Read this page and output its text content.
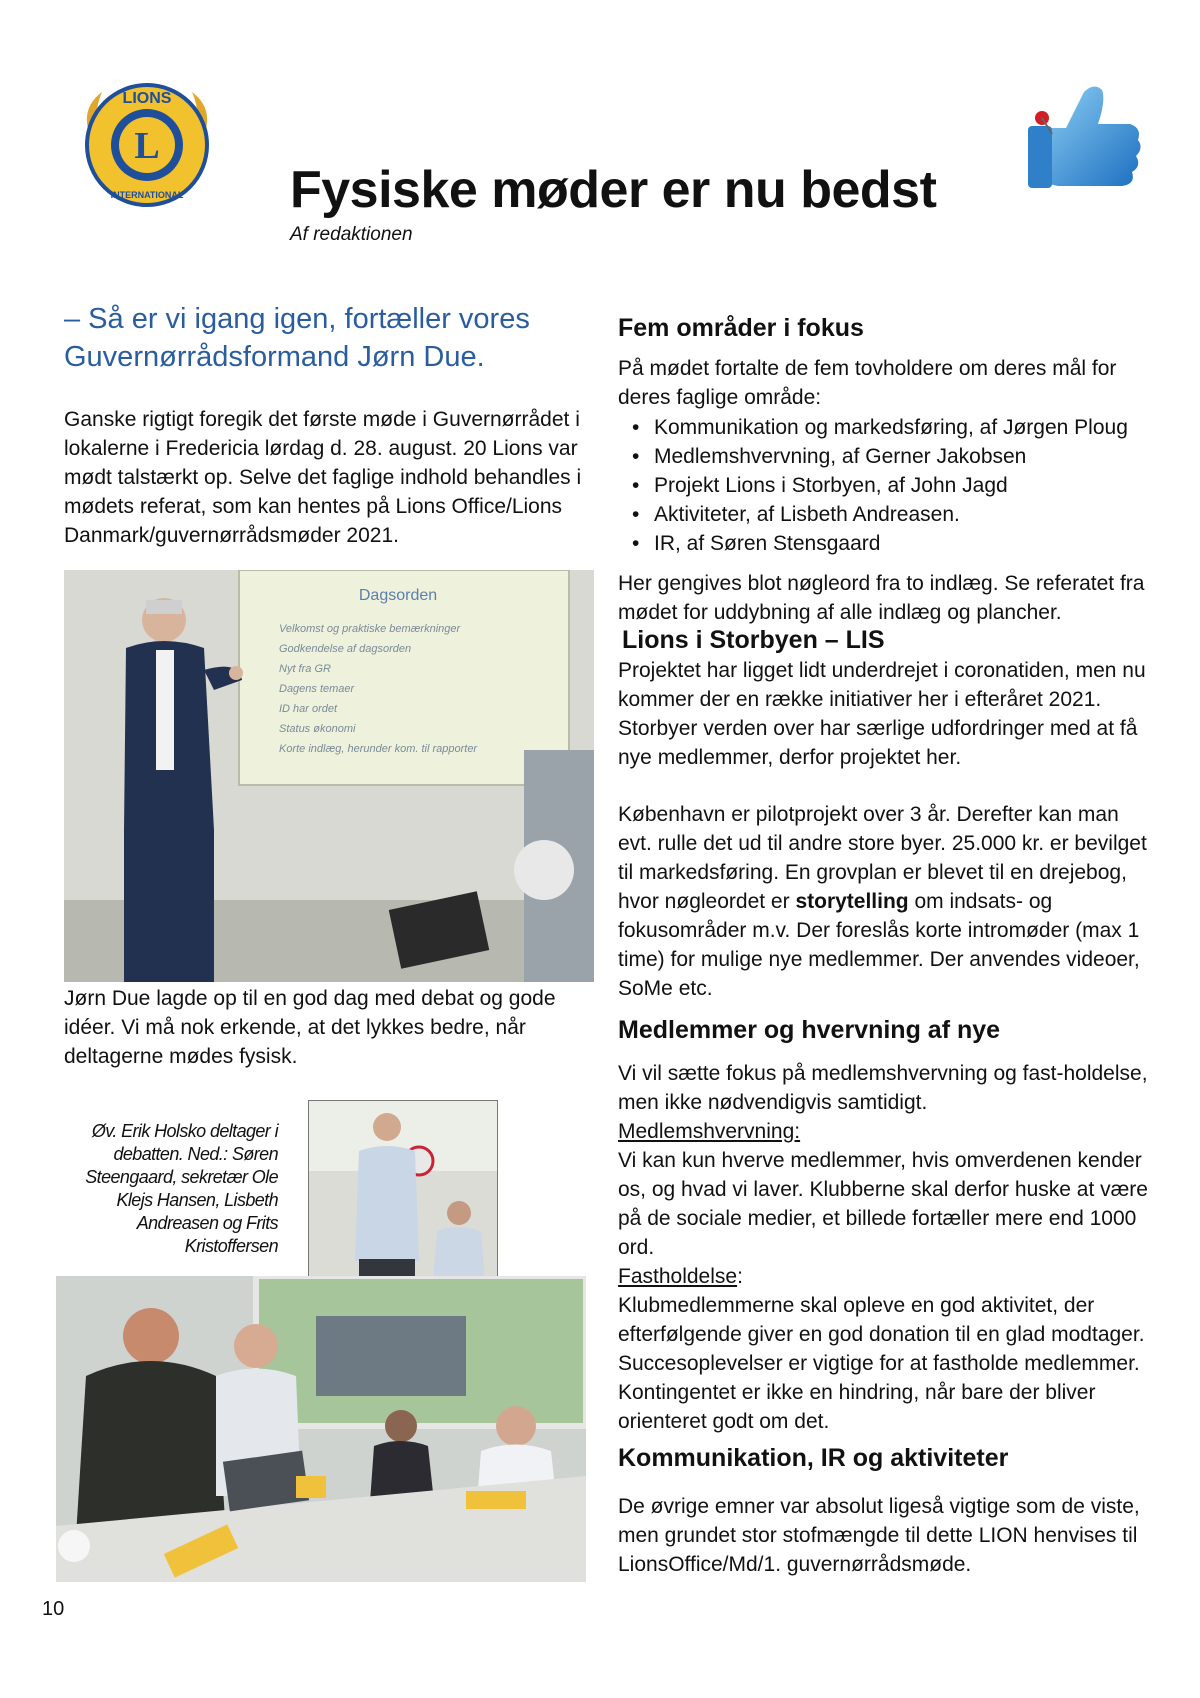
L
LIONS
INTERNATIONAL Fysiske møder er nu bedst
Af redaktionen
– Så er vi igang igen, fortæller vores Guvernørrådsformand Jørn Due.
Ganske rigtigt foregik det første møde i Guvernørrådet i lokalerne i Fredericia lørdag d. 28. august. 20 Lions var mødt talstærkt op. Selve det faglige indhold behandles i mødets referat, som kan hentes på Lions Office/Lions Danmark/guvernørrådsmøder 2021.
Dagsorden
Velkomst og praktiske bemærkninger
Godkendelse af dagsorden
Nyt fra GR
Dagens temaer
ID har ordet
Status økonomi
Korte indlæg, herunder kom. til rapporter
Jørn Due lagde op til en god dag med debat og gode idéer. Vi må nok erkende, at det lykkes bedre, når deltagerne mødes fysisk.
Øv. Erik Holsko deltager i debatten. Ned.: Søren Steengaard, sekretær Ole Klejs Hansen, Lisbeth Andreasen og Frits Kristoffersen
10
Fem områder i fokus
På mødet fortalte de fem tovholdere om deres mål for deres faglige område:
• Kommunikation og markedsføring, af Jørgen Ploug
• Medlemshvervning, af Gerner Jakobsen
• Projekt Lions i Storbyen, af John Jagd
• Aktiviteter, af Lisbeth Andreasen.
• IR, af Søren Stensgaard
Her gengives blot nøgleord fra to indlæg. Se referatet fra mødet for uddybning af alle indlæg og plancher.
Lions i Storbyen – LIS
Projektet har ligget lidt underdrejet i coronatiden, men nu kommer der en række initiativer her i efteråret 2021. Storbyer verden over har særlige udfordringer med at få nye medlemmer, derfor projektet her.
København er pilotprojekt over 3 år. Derefter kan man evt. rulle det ud til andre store byer. 25.000 kr. er bevilget til markedsføring. En grovplan er blevet til en drejebog, hvor nøgleordet er storytelling om indsats- og fokusområder m.v. Der foreslås korte intromøder (max 1 time) for mulige nye medlemmer. Der anvendes videoer, SoMe etc.
Medlemmer og hvervning af nye
Vi vil sætte fokus på medlemshvervning og fast-holdelse, men ikke nødvendigvis samtidigt.
Medlemshvervning:
Vi kan kun hverve medlemmer, hvis omverdenen kender os, og hvad vi laver. Klubberne skal derfor huske at være på de sociale medier, et billede fortæller mere end 1000 ord.
Fastholdelse:
Klubmedlemmerne skal opleve en god aktivitet, der efterfølgende giver en god donation til en glad modtager. Succesoplevelser er vigtige for at fastholde medlemmer. Kontingentet er ikke en hindring, når bare der bliver orienteret godt om det.
Kommunikation, IR og aktiviteter
De øvrige emner var absolut ligeså vigtige som de viste, men grundet stor stofmængde til dette LION henvises til LionsOffice/Md/1. guvernørrådsmøde.
